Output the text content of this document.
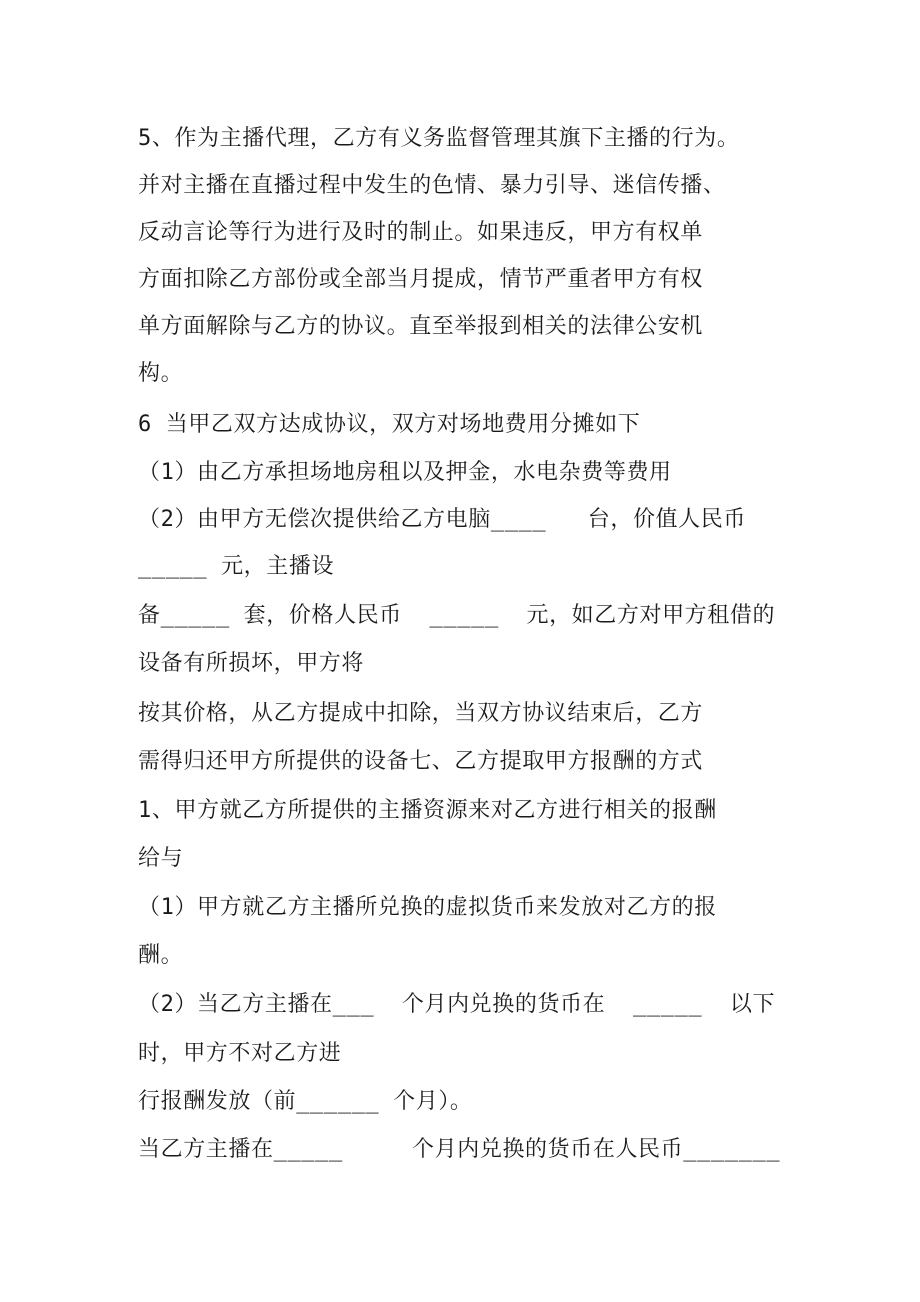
5、作为主播代理，乙方有义务监督管理其旗下主播的行为。
并对主播在直播过程中发生的色情、暴力引导、迷信传播、
反动言论等行为进行及时的制止。如果违反，甲方有权单
方面扣除乙方部份或全部当月提成，情节严重者甲方有权
单方面解除与乙方的协议。直至举报到相关的法律公安机
构。
6 当甲乙双方达成协议，双方对场地费用分摊如下
（1）由乙方承担场地房租以及押金，水电杂费等费用
（2）由甲方无偿次提供给乙方电脑____   台，价值人民币
_____ 元，主播设
备_____ 套，价格人民币  _____  元，如乙方对甲方租借的
设备有所损坏，甲方将
按其价格，从乙方提成中扣除，当双方协议结束后，乙方
需得归还甲方所提供的设备七、乙方提取甲方报酬的方式
1、甲方就乙方所提供的主播资源来对乙方进行相关的报酬
给与
（1）甲方就乙方主播所兑换的虚拟货币来发放对乙方的报
酬。
（2）当乙方主播在___  个月内兑换的货币在  _____  以下
时，甲方不对乙方进
行报酬发放（前______ 个月）。
当乙方主播在_____     个月内兑换的货币在人民币_______
